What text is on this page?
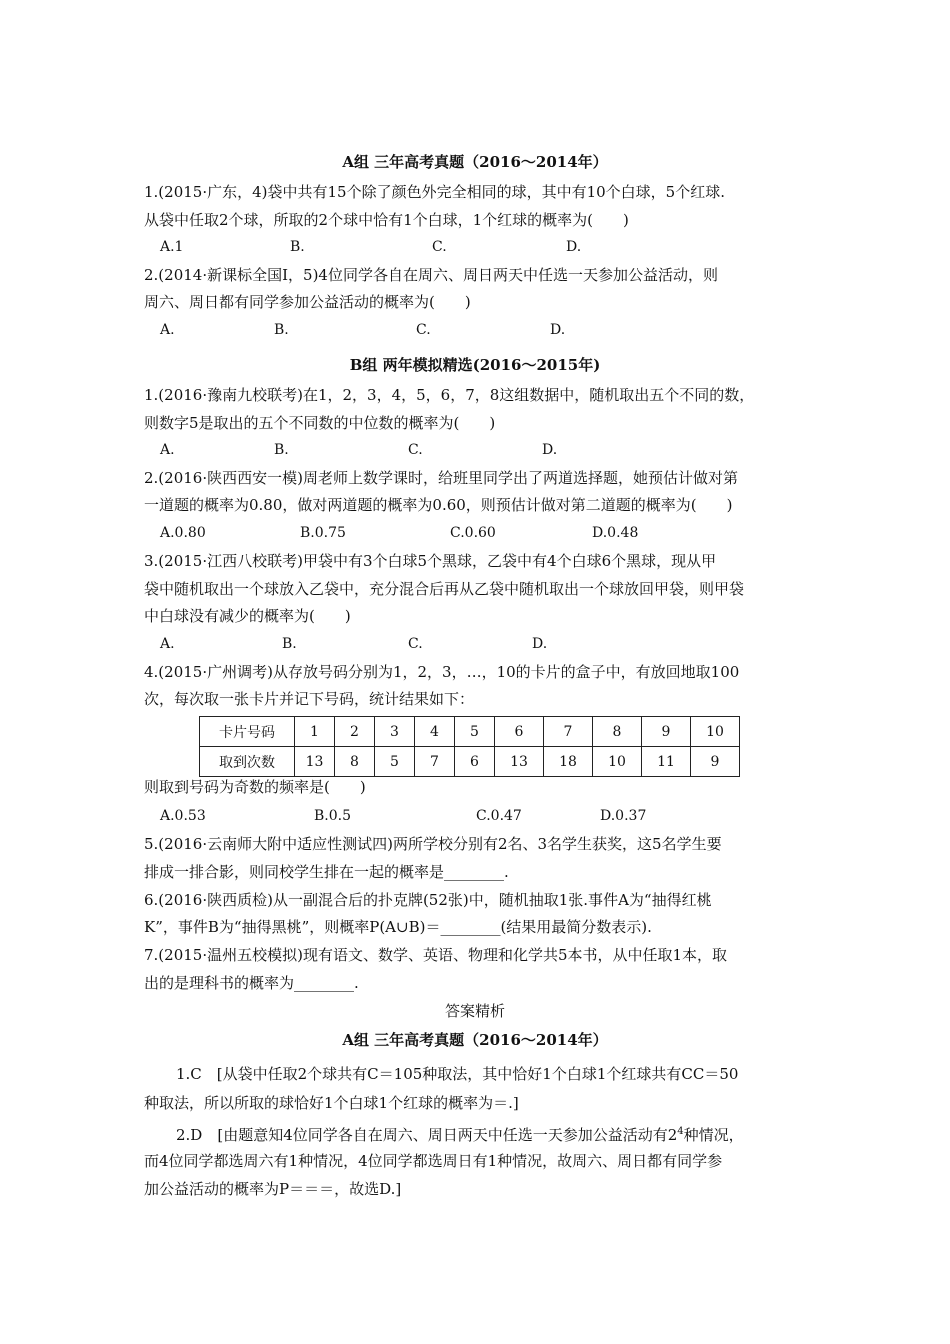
A组 三年高考真题（2016～2014年）
1.(2015·广东，4)袋中共有15个除了颜色外完全相同的球，其中有10个白球，5个红球.
从袋中任取2个球，所取的2个球中恰有1个白球，1个红球的概率为(　　)
A.1	B.	C.	D.
2.(2014·新课标全国Ⅰ，5)4位同学各自在周六、周日两天中任选一天参加公益活动，则
周六、周日都有同学参加公益活动的概率为(　　)
A.	B.	C.	D.
B组 两年模拟精选(2016～2015年)
1.(2016·豫南九校联考)在1，2，3，4，5，6，7，8这组数据中，随机取出五个不同的数，
则数字5是取出的五个不同数的中位数的概率为(　　)
A.	B.	C.	D.
2.(2016·陕西西安一模)周老师上数学课时，给班里同学出了两道选择题，她预估计做对第
一道题的概率为0.80，做对两道题的概率为0.60，则预估计做对第二道题的概率为(　　)
A.0.80	B.0.75	C.0.60	D.0.48
3.(2015·江西八校联考)甲袋中有3个白球5个黑球，乙袋中有4个白球6个黑球，现从甲
袋中随机取出一个球放入乙袋中，充分混合后再从乙袋中随机取出一个球放回甲袋，则甲袋
中白球没有减少的概率为(　　)
A.	B.	C.	D.
4.(2015·广州调考)从存放号码分别为1，2，3，…，10的卡片的盒子中，有放回地取100
次，每次取一张卡片并记下号码，统计结果如下：
卡片号码	1	2	3	4	5	6	7	8	9	10
取到次数	13	8	5	7	6	13	18	10	11	9
则取到号码为奇数的频率是(　　)
A.0.53	B.0.5	C.0.47	D.0.37
5.(2016·云南师大附中适应性测试四)两所学校分别有2名、3名学生获奖，这5名学生要
排成一排合影，则同校学生排在一起的概率是________.
6.(2016·陕西质检)从一副混合后的扑克牌(52张)中，随机抽取1张.事件A为“抽得红桃
K”，事件B为“抽得黑桃”，则概率P(A∪B)＝________(结果用最简分数表示).
7.(2015·温州五校模拟)现有语文、数学、英语、物理和化学共5本书，从中任取1本，取
出的是理科书的概率为________.
答案精析
A组 三年高考真题（2016～2014年）
1.C　[从袋中任取2个球共有C＝105种取法，其中恰好1个白球1个红球共有CC＝50
种取法，所以所取的球恰好1个白球1个红球的概率为＝.]
2.D　[由题意知4位同学各自在周六、周日两天中任选一天参加公益活动有$2^4$种情况，
而4位同学都选周六有1种情况，4位同学都选周日有1种情况，故周六、周日都有同学参
加公益活动的概率为P＝＝＝，故选D.]
